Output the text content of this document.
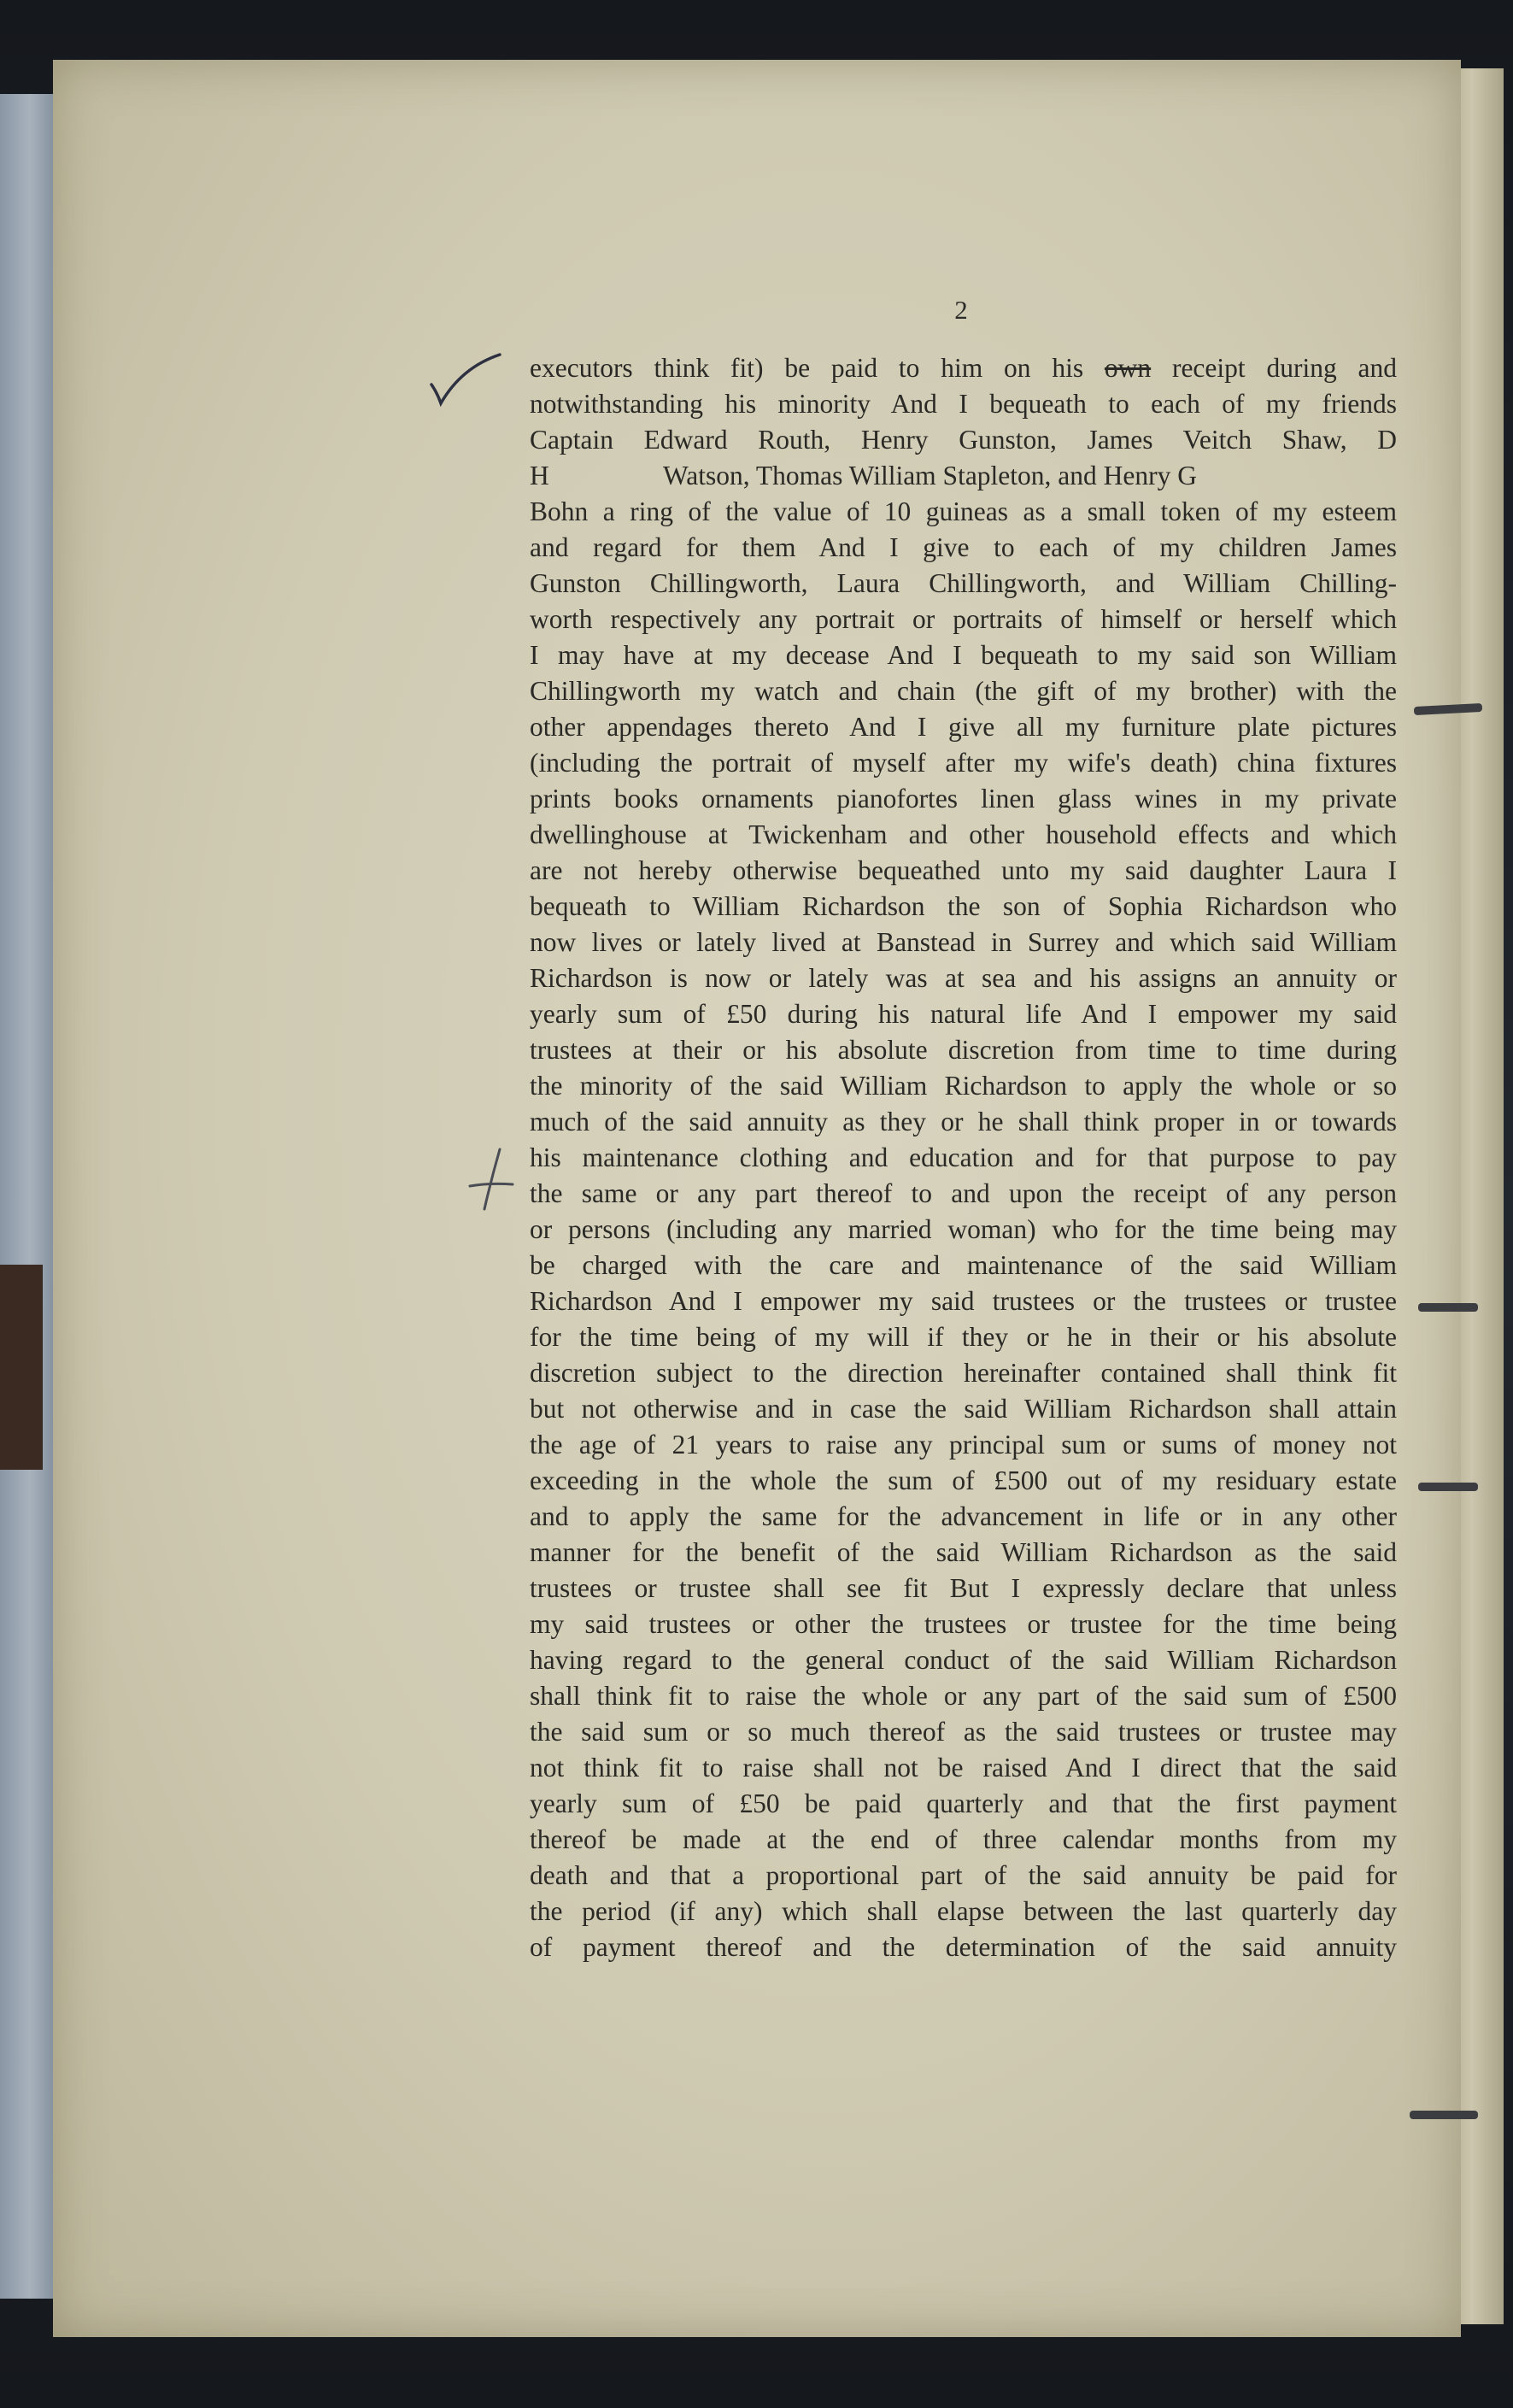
2
executors think fit) be paid to him on his own receipt during and
notwithstanding his minority And I bequeath to each of my friends
Captain Edward Routh, Henry Gunston, James Veitch Shaw, D
H                 Watson, Thomas William Stapleton, and Henry G
Bohn a ring of the value of 10 guineas as a small token of my esteem
and regard for them And I give to each of my children James
Gunston Chillingworth, Laura Chillingworth, and William Chilling-
worth respectively any portrait or portraits of himself or herself which
I may have at my decease And I bequeath to my said son William
Chillingworth my watch and chain (the gift of my brother) with the
other appendages thereto And I give all my furniture plate pictures
(including the portrait of myself after my wife's death) china fixtures
prints books ornaments pianofortes linen glass wines in my private
dwellinghouse at Twickenham and other household effects and which
are not hereby otherwise bequeathed unto my said daughter Laura I
bequeath to William Richardson the son of Sophia Richardson who
now lives or lately lived at Banstead in Surrey and which said William
Richardson is now or lately was at sea and his assigns an annuity or
yearly sum of £50 during his natural life And I empower my said
trustees at their or his absolute discretion from time to time during
the minority of the said William Richardson to apply the whole or so
much of the said annuity as they or he shall think proper in or towards
his maintenance clothing and education and for that purpose to pay
the same or any part thereof to and upon the receipt of any person
or persons (including any married woman) who for the time being may
be charged with the care and maintenance of the said William
Richardson And I empower my said trustees or the trustees or trustee
for the time being of my will if they or he in their or his absolute
discretion subject to the direction hereinafter contained shall think fit
but not otherwise and in case the said William Richardson shall attain
the age of 21 years to raise any principal sum or sums of money not
exceeding in the whole the sum of £500 out of my residuary estate
and to apply the same for the advancement in life or in any other
manner for the benefit of the said William Richardson as the said
trustees or trustee shall see fit But I expressly declare that unless
my said trustees or other the trustees or trustee for the time being
having regard to the general conduct of the said William Richardson
shall think fit to raise the whole or any part of the said sum of £500
the said sum or so much thereof as the said trustees or trustee may
not think fit to raise shall not be raised And I direct that the said
yearly sum of £50 be paid quarterly and that the first payment
thereof be made at the end of three calendar months from my
death and that a proportional part of the said annuity be paid for
the period (if any) which shall elapse between the last quarterly day
of payment thereof and the determination of the said annuity
